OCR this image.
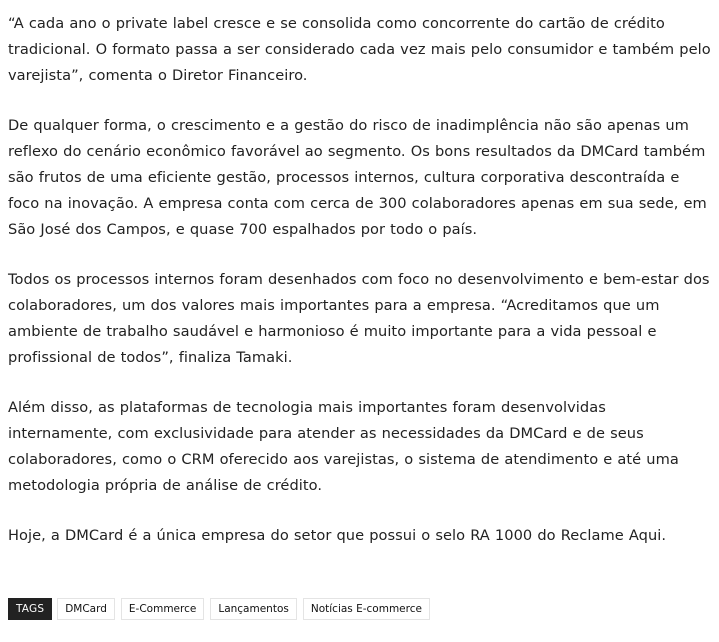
“A cada ano o private label cresce e se consolida como concorrente do cartão de crédito tradicional. O formato passa a ser considerado cada vez mais pelo consumidor e também pelo varejista”, comenta o Diretor Financeiro.

De qualquer forma, o crescimento e a gestão do risco de inadimplência não são apenas um reflexo do cenário econômico favorável ao segmento. Os bons resultados da DMCard também são frutos de uma eficiente gestão, processos internos, cultura corporativa descontraída e foco na inovação. A empresa conta com cerca de 300 colaboradores apenas em sua sede, em São José dos Campos, e quase 700 espalhados por todo o país.

Todos os processos internos foram desenhados com foco no desenvolvimento e bem-estar dos colaboradores, um dos valores mais importantes para a empresa. “Acreditamos que um ambiente de trabalho saudável e harmonioso é muito importante para a vida pessoal e profissional de todos”, finaliza Tamaki.

Além disso, as plataformas de tecnologia mais importantes foram desenvolvidas internamente, com exclusividade para atender as necessidades da DMCard e de seus colaboradores, como o CRM oferecido aos varejistas, o sistema de atendimento e até uma metodologia própria de análise de crédito.

Hoje, a DMCard é a única empresa do setor que possui o selo RA 1000 do Reclame Aqui.

TAGS	DMCard	E-Commerce	Lançamentos	Notícias E-commerce
